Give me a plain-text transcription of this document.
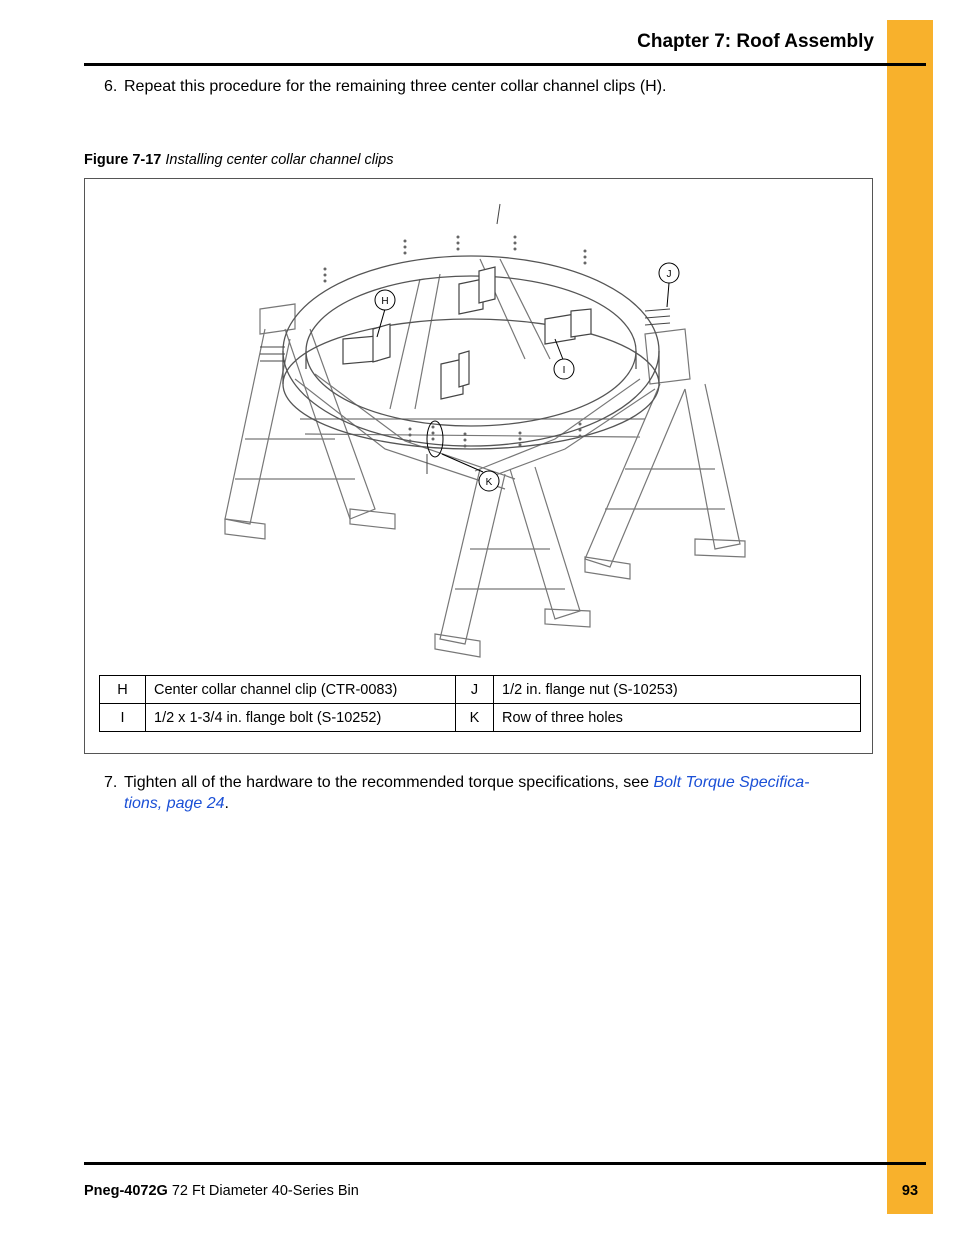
Chapter 7: Roof Assembly
6. Repeat this procedure for the remaining three center collar channel clips (H).
Figure 7-17 Installing center collar channel clips
H
I
J
K
H	Center collar channel clip (CTR-0083)	J	1/2 in. flange nut (S-10253)
I	1/2 x 1-3/4 in. flange bolt (S-10252)	K	Row of three holes
7. Tighten all of the hardware to the recommended torque specifications, see Bolt Torque Specifica-
tions, page 24.
Pneg-4072G 72 Ft Diameter 40-Series Bin	93
